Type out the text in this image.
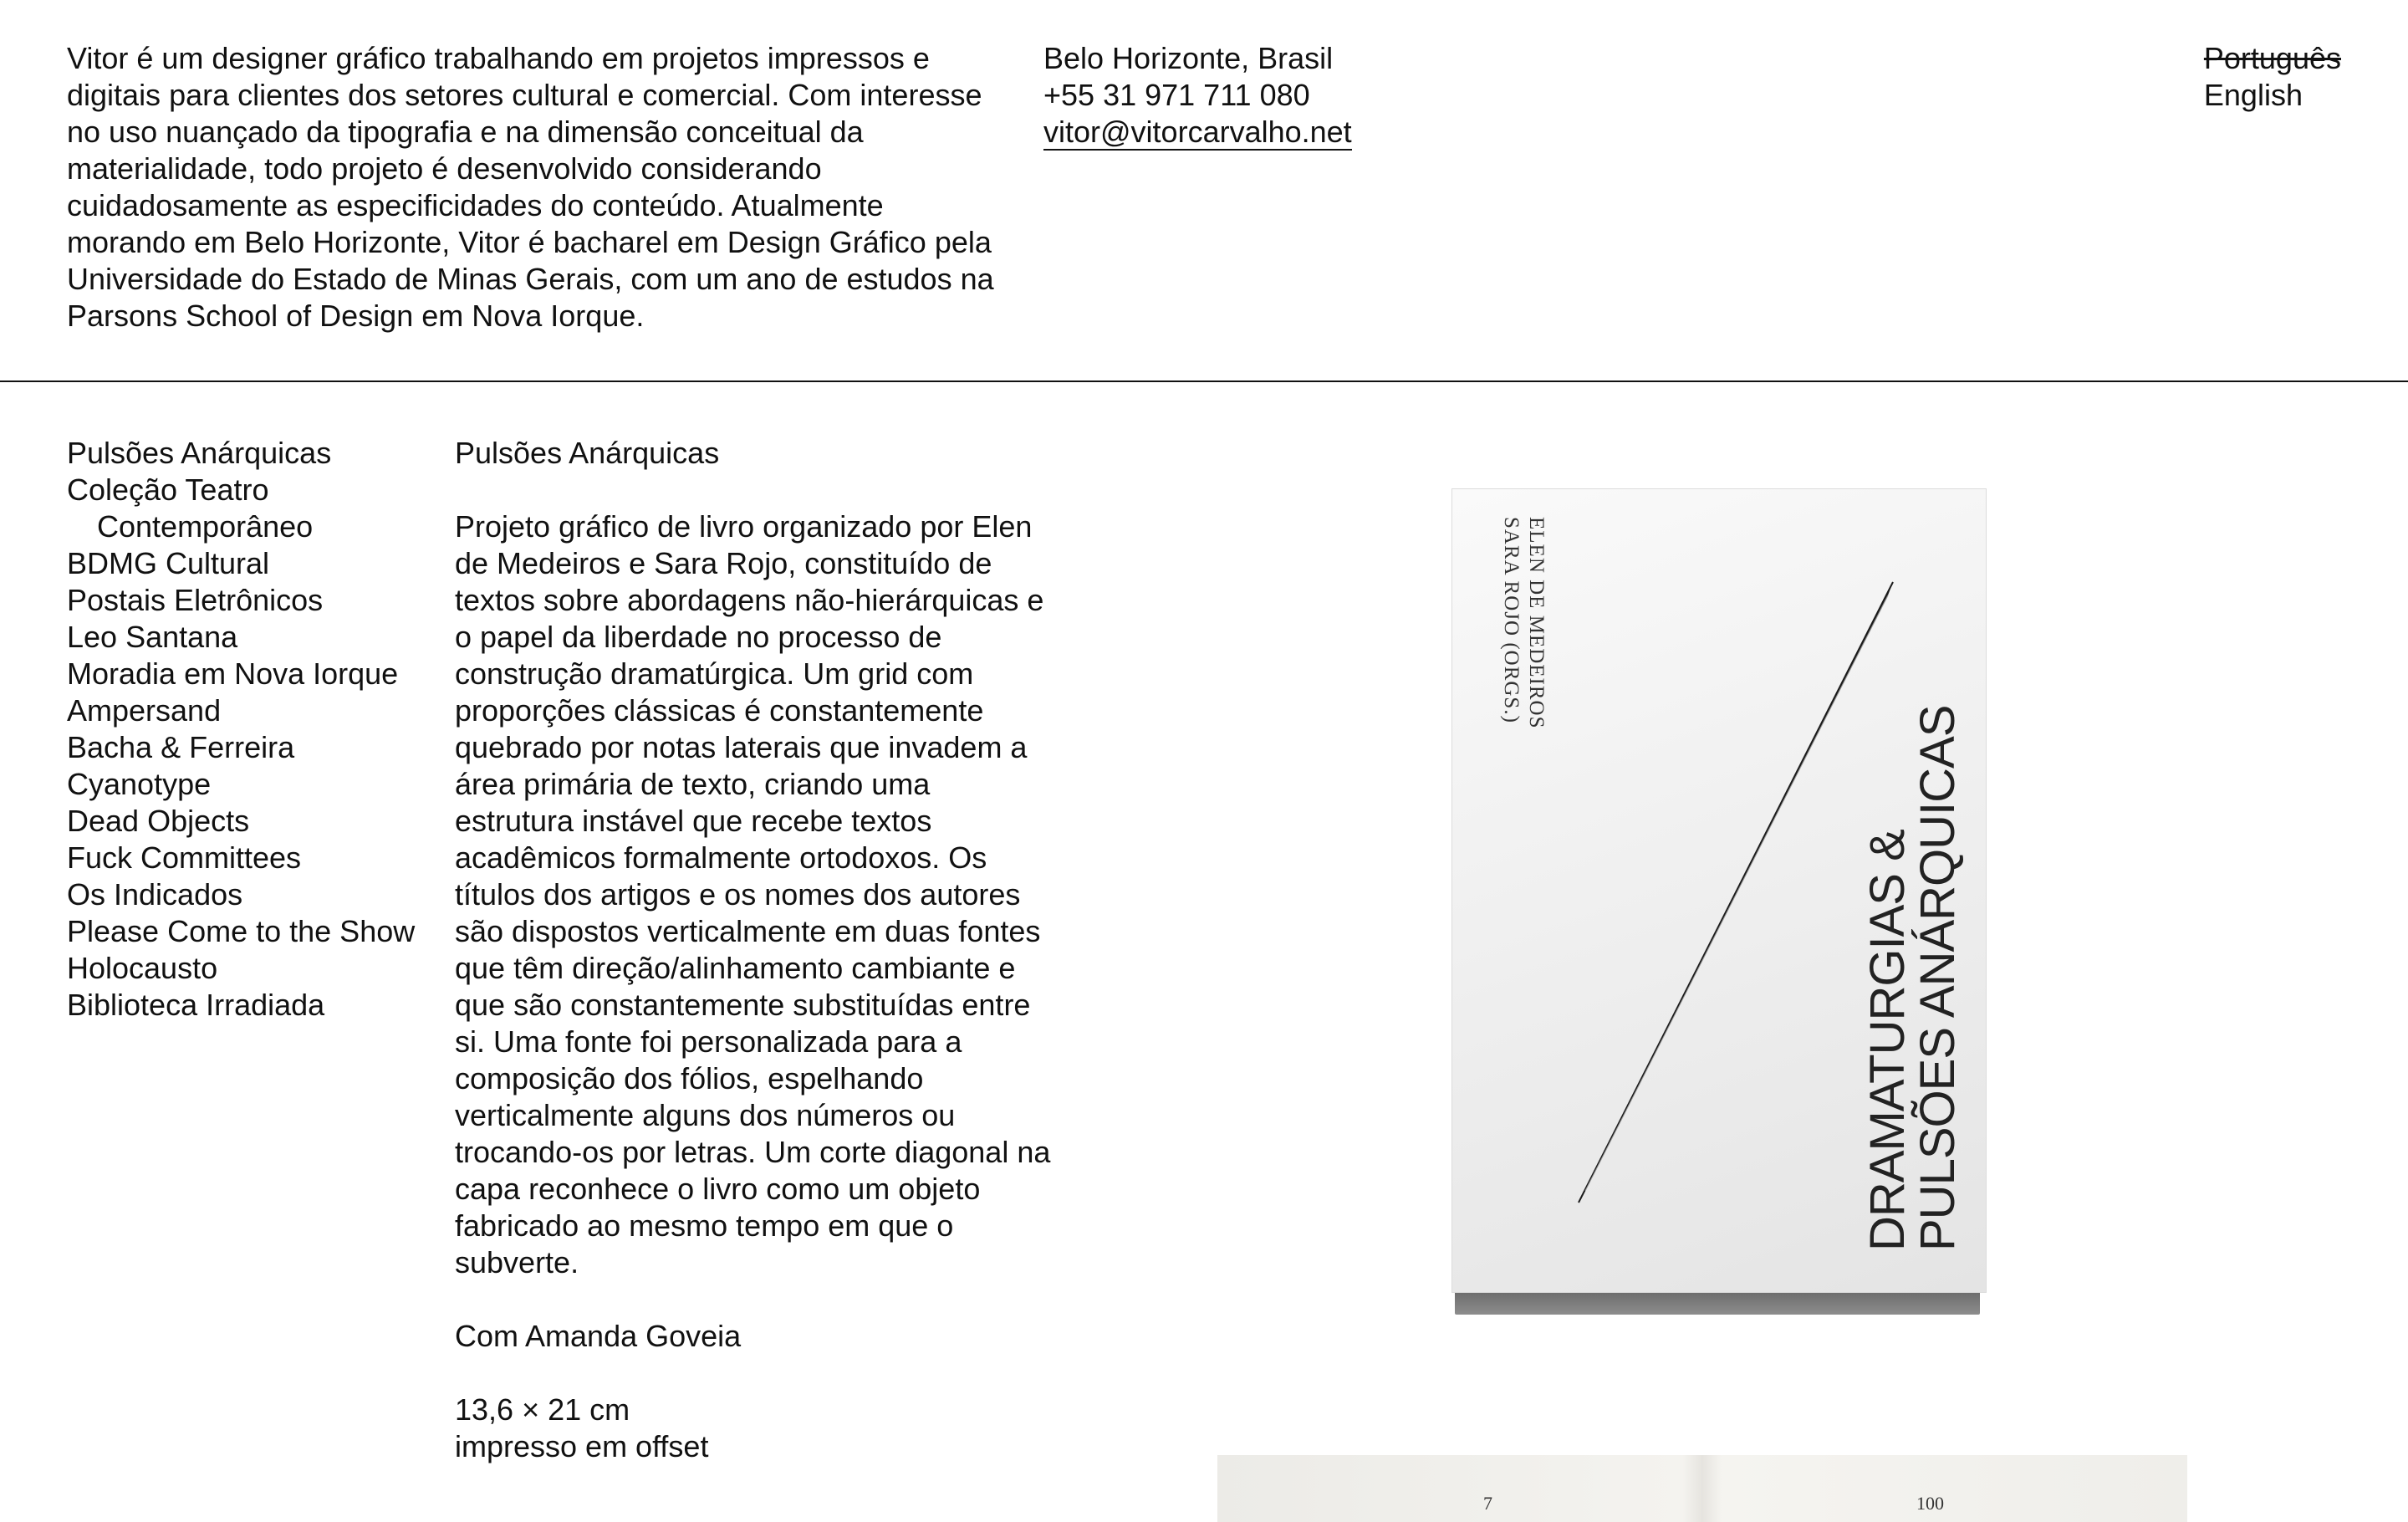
Vitor é um designer gráfico trabalhando em projetos impressos e digitais para clientes dos setores cultural e comercial. Com interesse no uso nuançado da tipografia e na dimensão conceitual da materialidade, todo projeto é desenvolvido considerando cuidadosamente as especificidades do conteúdo. Atualmente morando em Belo Horizonte, Vitor é bacharel em Design Gráfico pela Universidade do Estado de Minas Gerais, com um ano de estudos na Parsons School of Design em Nova Iorque.

Belo Horizonte, Brasil
+55 31 971 711 080
vitor@vitorcarvalho.net
Português
English
Pulsões Anárquicas
Coleção Teatro Contemporâneo
BDMG Cultural
Postais Eletrônicos
Leo Santana
Moradia em Nova Iorque
Ampersand
Bacha & Ferreira
Cyanotype
Dead Objects
Fuck Committees
Os Indicados
Please Come to the Show
Holocausto
Biblioteca Irradiada

Pulsões Anárquicas

Projeto gráfico de livro organizado por Elen de Medeiros e Sara Rojo, constituído de textos sobre abordagens não-hierárquicas e o papel da liberdade no processo de construção dramatúrgica. Um grid com proporções clássicas é constantemente quebrado por notas laterais que invadem a área primária de texto, criando uma estrutura instável que recebe textos acadêmicos formalmente ortodoxos. Os títulos dos artigos e os nomes dos autores são dispostos verticalmente em duas fontes que têm direção/alinhamento cambiante e que são constantemente substituídas entre si. Uma fonte foi personalizada para a composição dos fólios, espelhando verticalmente alguns dos números ou trocando-os por letras. Um corte diagonal na capa reconhece o livro como um objeto fabricado ao mesmo tempo em que o subverte.

Com Amanda Goveia

13,6 × 21 cm

impresso em offset

ELEN DE MEDEIROS
SARA ROJO (ORGS.)
DRAMATURGIAS &
PULSÕES ANÁRQUICAS
7	100
